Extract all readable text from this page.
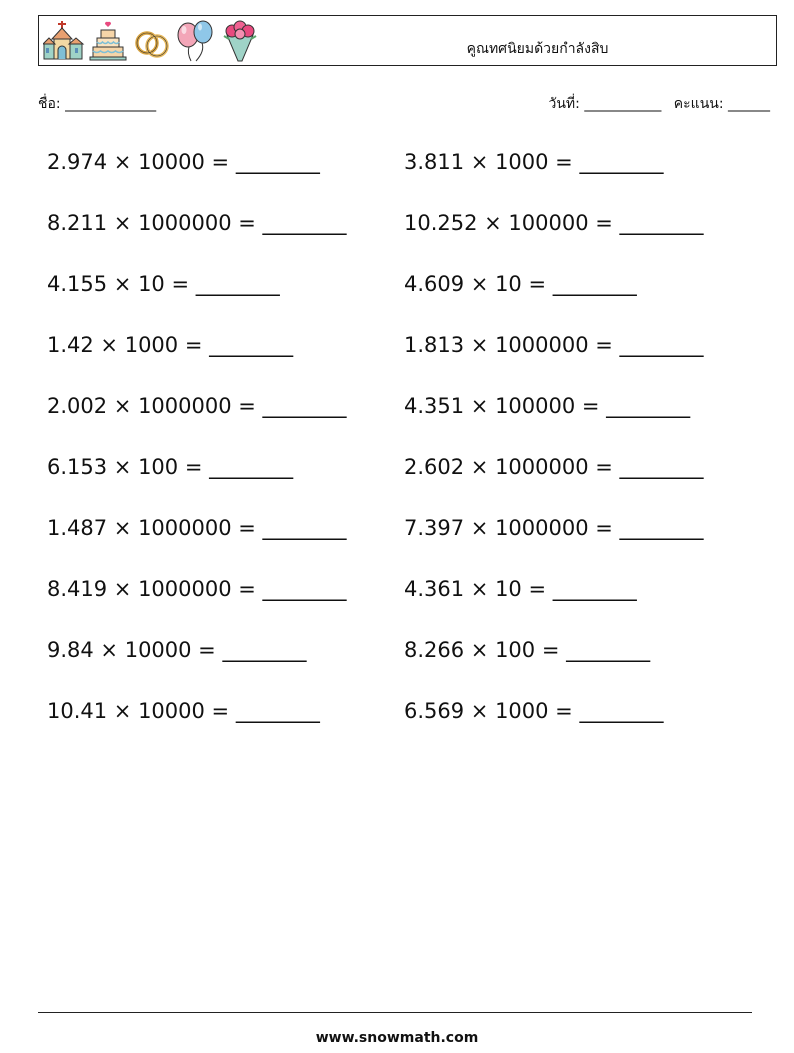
คูณทศนิยมด้วยกำลังสิบ
ชื่อ: _____________	วันที่: ___________ คะแนน: ______
2.974 × 10000 = ________
8.211 × 1000000 = ________
4.155 × 10 = ________
1.42 × 1000 = ________
2.002 × 1000000 = ________
6.153 × 100 = ________
1.487 × 1000000 = ________
8.419 × 1000000 = ________
9.84 × 10000 = ________
10.41 × 10000 = ________
3.811 × 1000 = ________
10.252 × 100000 = ________
4.609 × 10 = ________
1.813 × 1000000 = ________
4.351 × 100000 = ________
2.602 × 1000000 = ________
7.397 × 1000000 = ________
4.361 × 10 = ________
8.266 × 100 = ________
6.569 × 1000 = ________
www.snowmath.com
